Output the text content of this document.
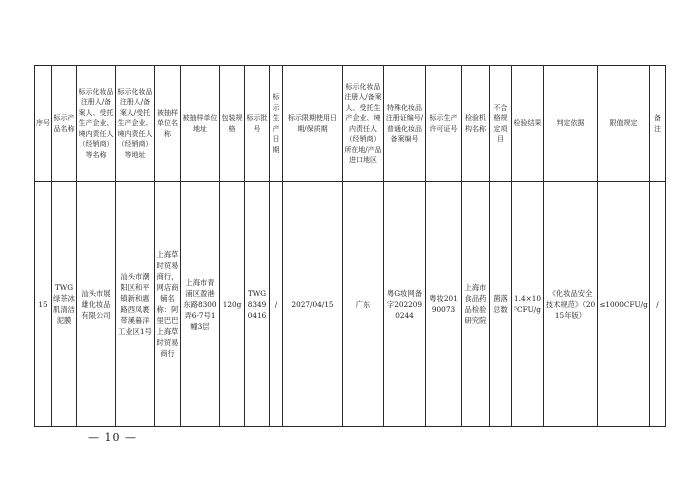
序号	标示产品名称	标示化妆品注册人/备案人、受托生产企业、境内责任人（经销商）等名称	标示化妆品注册人/备案人/受托生产企业、境内责任人（经销商）等地址	被抽样单位名称	被抽样单位地址	包装规格	标示批号	标示生产日期	标示限期使用日期/保质期	标示化妆品注册人/备案人、受托生产企业、境内责任人（经销商）所在地/产品进口地区	特殊化妆品注册证编号/普通化妆品备案编号	标示生产许可证号	检验机构名称	不合格规定项目	检验结果	判定依据	限值规定	备注
15	TWG绿茶冰肌清洁泥膜	汕头市展雄化妆品有限公司	汕头市潮阳区和平镇新和惠路西凤裹带溪暮洋工业区1号	上海草时贸易商行，网店商铺名称：阿里巴巴上海草时贸易商行	上海市青浦区盈港东路8300弄6-7号1幢3层	120g	TWG83490416	/	2027/04/15	广东	粤G妆网备字2022090244	粤妆20190073	上海市食品药品检验研究院	菌落总数	1.4×10⁵CFU/g	《化妆品安全技术规范》（2015年版）	≤1000CFU/g	/
— 10 —
